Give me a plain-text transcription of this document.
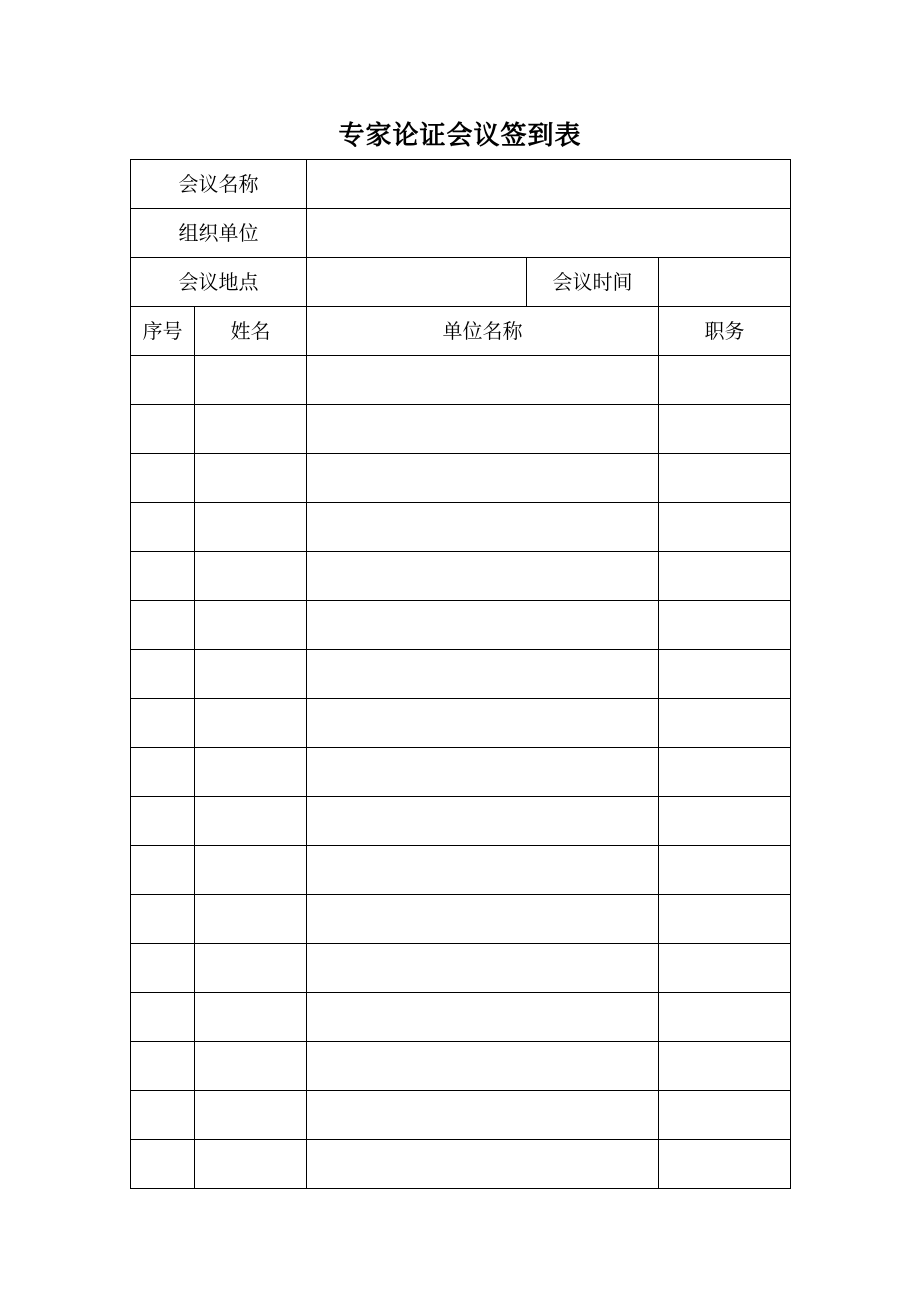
专家论证会议签到表
会议名称				
组织单位				
会议地点			会议时间	
序号	姓名	单位名称		职务
